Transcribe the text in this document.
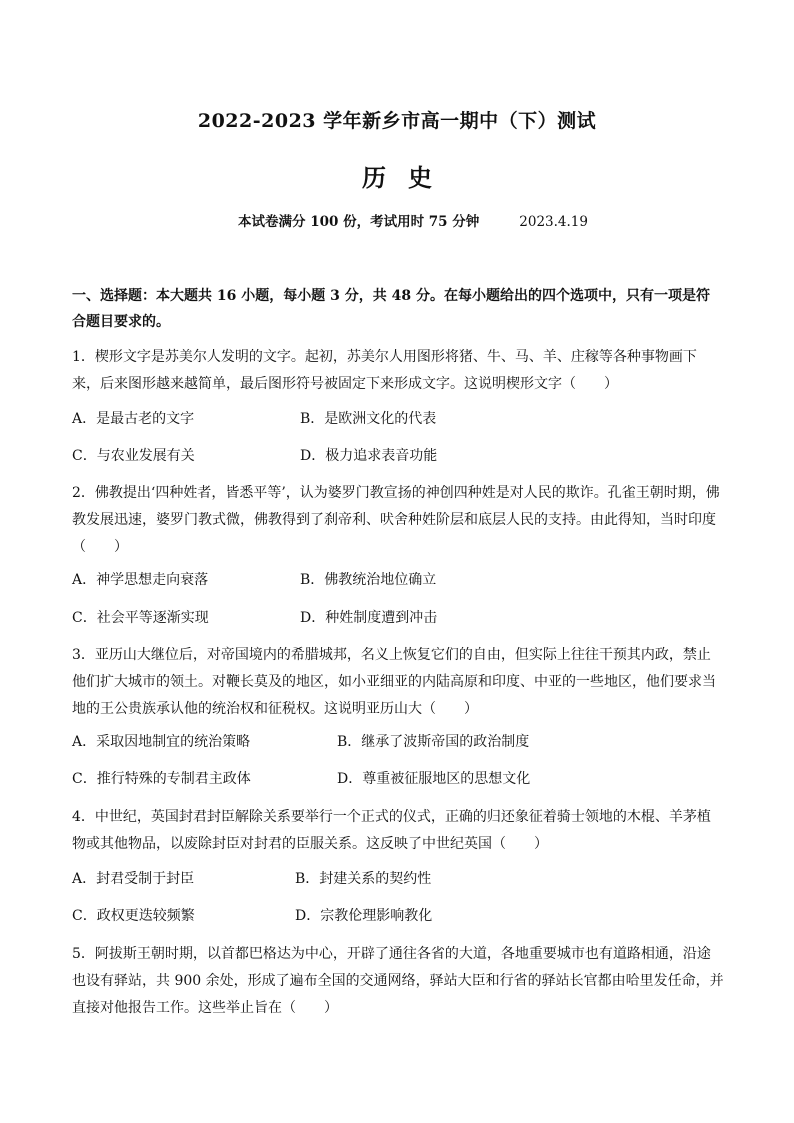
2022-2023 学年新乡市高一期中（下）测试
历史
本试卷满分 100 份，考试用时 75 分钟	2023.4.19
一、选择题：本大题共 16 小题，每小题 3 分，共 48 分。在每小题给出的四个选项中，只有一项是符合题目要求的。
1．楔形文字是苏美尔人发明的文字。起初，苏美尔人用图形将猪、牛、马、羊、庄稼等各种事物画下来，后来图形越来越简单，最后图形符号被固定下来形成文字。这说明楔形文字（　　）
A．是最古老的文字	B．是欧洲文化的代表
C．与农业发展有关	D．极力追求表音功能
2．佛教提出‘四种姓者，皆悉平等’，认为婆罗门教宣扬的神创四种姓是对人民的欺诈。孔雀王朝时期，佛教发展迅速，婆罗门教式微，佛教得到了刹帝利、吠舍种姓阶层和底层人民的支持。由此得知，当时印度（　　）
A．神学思想走向衰落	B．佛教统治地位确立
C．社会平等逐渐实现	D．种姓制度遭到冲击
3．亚历山大继位后，对帝国境内的希腊城邦，名义上恢复它们的自由，但实际上往往干预其内政，禁止他们扩大城市的领土。对鞭长莫及的地区，如小亚细亚的内陆高原和印度、中亚的一些地区，他们要求当地的王公贵族承认他的统治权和征税权。这说明亚历山大（　　）
A．采取因地制宜的统治策略	B．继承了波斯帝国的政治制度
C．推行特殊的专制君主政体	D．尊重被征服地区的思想文化
4．中世纪，英国封君封臣解除关系要举行一个正式的仪式，正确的归还象征着骑士领地的木棍、羊茅植物或其他物品，以废除封臣对封君的臣服关系。这反映了中世纪英国（　　）
A．封君受制于封臣	B．封建关系的契约性
C．政权更迭较频繁	D．宗教伦理影响教化
5．阿拔斯王朝时期，以首都巴格达为中心，开辟了通往各省的大道，各地重要城市也有道路相通，沿途也设有驿站，共 900 余处，形成了遍布全国的交通网络，驿站大臣和行省的驿站长官都由哈里发任命，并直接对他报告工作。这些举止旨在（　　）
